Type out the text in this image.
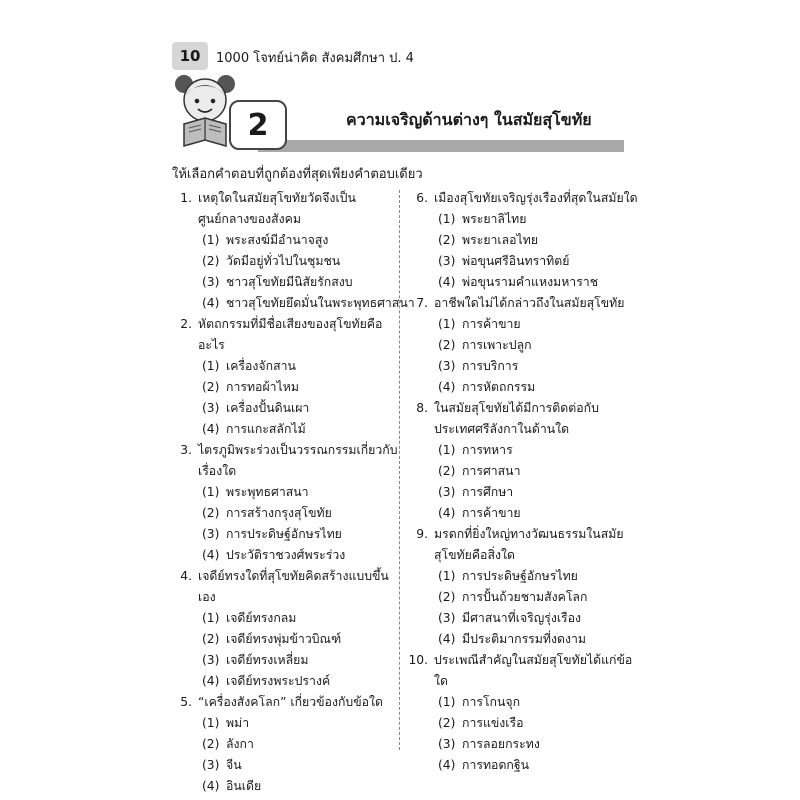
10	1000 โจทย์น่าคิด สังคมศึกษา ป. 4
2	ความเจริญด้านต่างๆ ในสมัยสุโขทัย
ให้เลือกคำตอบที่ถูกต้องที่สุดเพียงคำตอบเดียว
1. เหตุใดในสมัยสุโขทัยวัดจึงเป็นศูนย์กลางของสังคม
(1) พระสงฆ์มีอำนาจสูง
(2) วัดมีอยู่ทั่วไปในชุมชน
(3) ชาวสุโขทัยมีนิสัยรักสงบ
(4) ชาวสุโขทัยยึดมั่นในพระพุทธศาสนา
2. หัตถกรรมที่มีชื่อเสียงของสุโขทัยคืออะไร
(1) เครื่องจักสาน
(2) การทอผ้าไหม
(3) เครื่องปั้นดินเผา
(4) การแกะสลักไม้
3. ไตรภูมิพระร่วงเป็นวรรณกรรมเกี่ยวกับเรื่องใด
(1) พระพุทธศาสนา
(2) การสร้างกรุงสุโขทัย
(3) การประดิษฐ์อักษรไทย
(4) ประวัติราชวงศ์พระร่วง
4. เจดีย์ทรงใดที่สุโขทัยคิดสร้างแบบขึ้นเอง
(1) เจดีย์ทรงกลม
(2) เจดีย์ทรงพุ่มข้าวบิณฑ์
(3) เจดีย์ทรงเหลี่ยม
(4) เจดีย์ทรงพระปรางค์
5. “เครื่องสังคโลก” เกี่ยวข้องกับข้อใด
(1) พม่า
(2) ลังกา
(3) จีน
(4) อินเดีย
6. เมืองสุโขทัยเจริญรุ่งเรืองที่สุดในสมัยใด
(1) พระยาลิไทย
(2) พระยาเลอไทย
(3) พ่อขุนศรีอินทราทิตย์
(4) พ่อขุนรามคำแหงมหาราช
7. อาชีพใดไม่ได้กล่าวถึงในสมัยสุโขทัย
(1) การค้าขาย
(2) การเพาะปลูก
(3) การบริการ
(4) การหัตถกรรม
8. ในสมัยสุโขทัยได้มีการติดต่อกับประเทศศรีลังกาในด้านใด
(1) การทหาร
(2) การศาสนา
(3) การศึกษา
(4) การค้าขาย
9. มรดกที่ยิ่งใหญ่ทางวัฒนธรรมในสมัยสุโขทัยคือสิ่งใด
(1) การประดิษฐ์อักษรไทย
(2) การปั้นถ้วยชามสังคโลก
(3) มีศาสนาที่เจริญรุ่งเรือง
(4) มีประติมากรรมที่งดงาม
10. ประเพณีสำคัญในสมัยสุโขทัยได้แก่ข้อใด
(1) การโกนจุก
(2) การแข่งเรือ
(3) การลอยกระทง
(4) การทอดกฐิน
